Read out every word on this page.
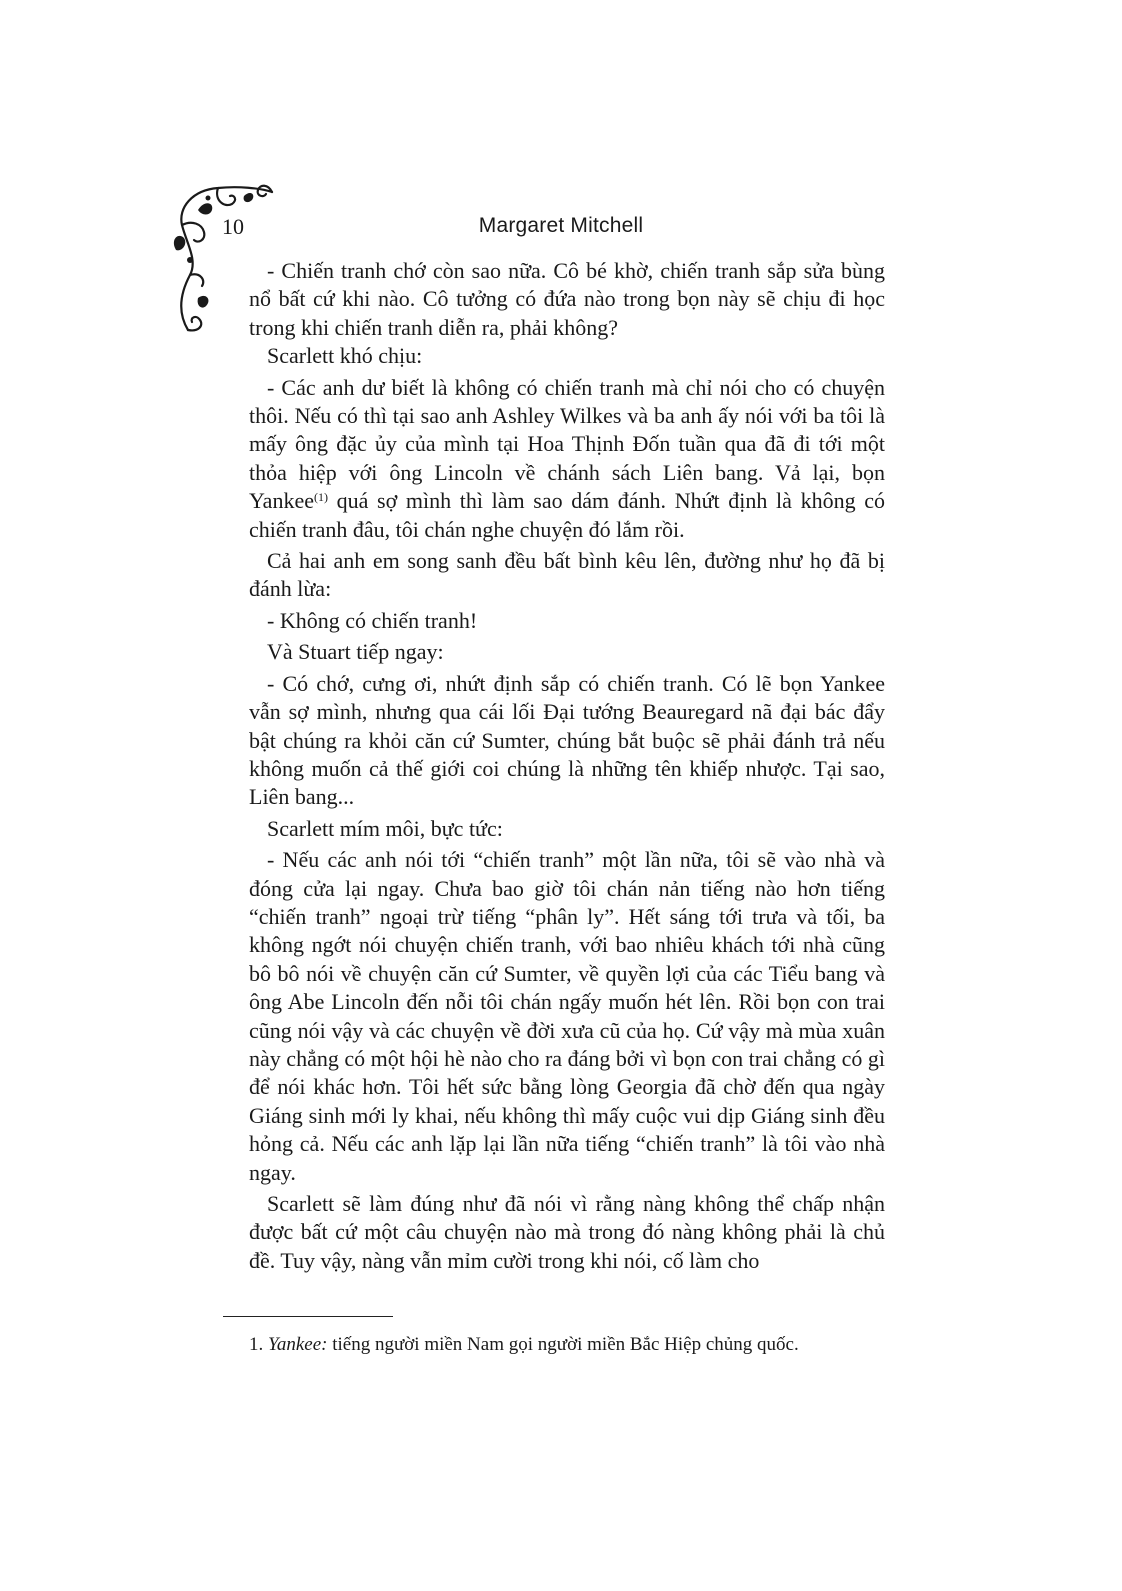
10	Margaret Mitchell

- Chiến tranh chớ còn sao nữa. Cô bé khờ, chiến tranh sắp sửa bùng nổ bất cứ khi nào. Cô tưởng có đứa nào trong bọn này sẽ chịu đi học trong khi chiến tranh diễn ra, phải không?

Scarlett khó chịu:

- Các anh dư biết là không có chiến tranh mà chỉ nói cho có chuyện thôi. Nếu có thì tại sao anh Ashley Wilkes và ba anh ấy nói với ba tôi là mấy ông đặc ủy của mình tại Hoa Thịnh Đốn tuần qua đã đi tới một thỏa hiệp với ông Lincoln về chánh sách Liên bang. Vả lại, bọn Yankee$^{(1)}$ quá sợ mình thì làm sao dám đánh. Nhứt định là không có chiến tranh đâu, tôi chán nghe chuyện đó lắm rồi.

Cả hai anh em song sanh đều bất bình kêu lên, đường như họ đã bị đánh lừa:

- Không có chiến tranh!

Và Stuart tiếp ngay:

- Có chớ, cưng ơi, nhứt định sắp có chiến tranh. Có lẽ bọn Yankee vẫn sợ mình, nhưng qua cái lối Đại tướng Beauregard nã đại bác đẩy bật chúng ra khỏi căn cứ Sumter, chúng bắt buộc sẽ phải đánh trả nếu không muốn cả thế giới coi chúng là những tên khiếp nhược. Tại sao, Liên bang...

Scarlett mím môi, bực tức:

- Nếu các anh nói tới “chiến tranh” một lần nữa, tôi sẽ vào nhà và đóng cửa lại ngay. Chưa bao giờ tôi chán nản tiếng nào hơn tiếng “chiến tranh” ngoại trừ tiếng “phân ly”. Hết sáng tới trưa và tối, ba không ngớt nói chuyện chiến tranh, với bao nhiêu khách tới nhà cũng bô bô nói về chuyện căn cứ Sumter, về quyền lợi của các Tiểu bang và ông Abe Lincoln đến nỗi tôi chán ngấy muốn hét lên. Rồi bọn con trai cũng nói vậy và các chuyện về đời xưa cũ của họ. Cứ vậy mà mùa xuân này chẳng có một hội hè nào cho ra đáng bởi vì bọn con trai chẳng có gì để nói khác hơn. Tôi hết sức bằng lòng Georgia đã chờ đến qua ngày Giáng sinh mới ly khai, nếu không thì mấy cuộc vui dịp Giáng sinh đều hỏng cả. Nếu các anh lặp lại lần nữa tiếng “chiến tranh” là tôi vào nhà ngay.

Scarlett sẽ làm đúng như đã nói vì rằng nàng không thể chấp nhận được bất cứ một câu chuyện nào mà trong đó nàng không phải là chủ đề. Tuy vậy, nàng vẫn mỉm cười trong khi nói, cố làm cho

1. Yankee: tiếng người miền Nam gọi người miền Bắc Hiệp chủng quốc.
